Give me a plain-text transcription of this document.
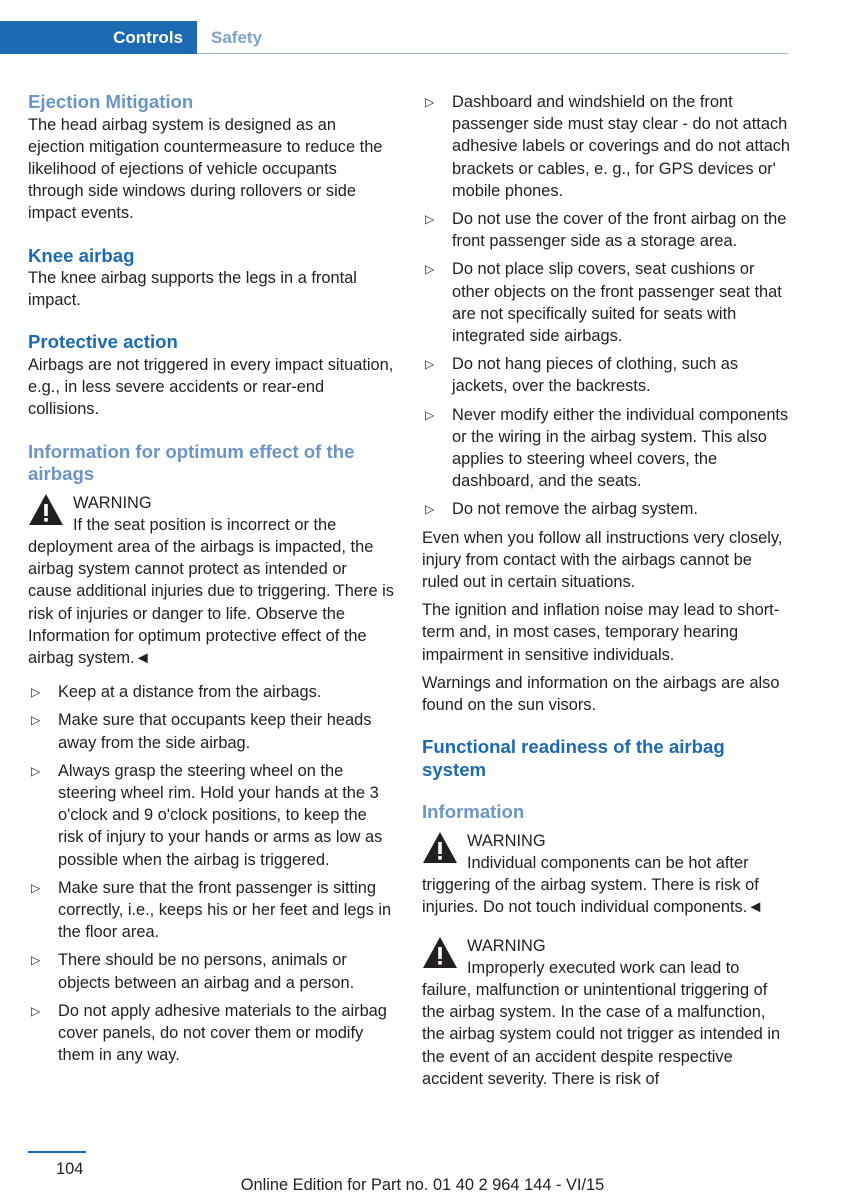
Controls	Safety
Ejection Mitigation

The head airbag system is designed as an ejection mitigation countermeasure to reduce the likelihood of ejections of vehicle occupants through side windows during rollovers or side impact events.

Knee airbag

The knee airbag supports the legs in a frontal impact.

Protective action

Airbags are not triggered in every impact situation, e.g., in less severe accidents or rear-end collisions.

Information for optimum effect of the airbags
WARNING
If the seat position is incorrect or the deployment area of the airbags is impacted, the airbag system cannot protect as intended or cause additional injuries due to triggering. There is risk of injuries or danger to life. Observe the Information for optimum protective effect of the airbag system.◄
▷ Keep at a distance from the airbags.
▷ Make sure that occupants keep their heads away from the side airbag.
▷ Always grasp the steering wheel on the steering wheel rim. Hold your hands at the 3 o'clock and 9 o'clock positions, to keep the risk of injury to your hands or arms as low as possible when the airbag is triggered.
▷ Make sure that the front passenger is sitting correctly, i.e., keeps his or her feet and legs in the floor area.
▷ There should be no persons, animals or objects between an airbag and a person.
▷ Do not apply adhesive materials to the airbag cover panels, do not cover them or modify them in any way.
▷ Dashboard and windshield on the front passenger side must stay clear - do not attach adhesive labels or coverings and do not attach brackets or cables, e. g., for GPS devices or' mobile phones.
▷ Do not use the cover of the front airbag on the front passenger side as a storage area.
▷ Do not place slip covers, seat cushions or other objects on the front passenger seat that are not specifically suited for seats with integrated side airbags.
▷ Do not hang pieces of clothing, such as jackets, over the backrests.
▷ Never modify either the individual components or the wiring in the airbag system. This also applies to steering wheel covers, the dashboard, and the seats.
▷ Do not remove the airbag system.

Even when you follow all instructions very closely, injury from contact with the airbags cannot be ruled out in certain situations.

The ignition and inflation noise may lead to short-term and, in most cases, temporary hearing impairment in sensitive individuals.

Warnings and information on the airbags are also found on the sun visors.

Functional readiness of the airbag system
Information
WARNING
Individual components can be hot after triggering of the airbag system. There is risk of injuries. Do not touch individual components.◄
WARNING
Improperly executed work can lead to failure, malfunction or unintentional triggering of the airbag system. In the case of a malfunction, the airbag system could not trigger as intended in the event of an accident despite respective accident severity. There is risk of
104
Online Edition for Part no. 01 40 2 964 144 - VI/15
